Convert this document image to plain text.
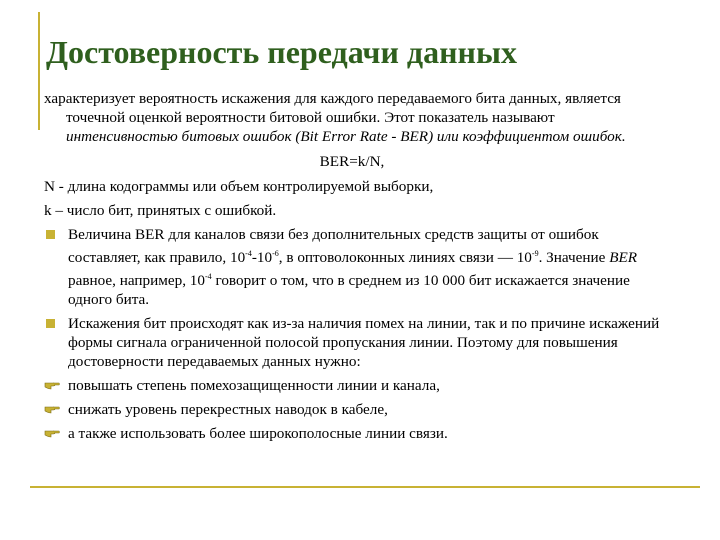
Достоверность передачи данных

характеризует вероятность искажения для каждого передаваемого бита данных, является точечной оценкой вероятности битовой ошибки. Этот показатель называют интенсивностью битовых ошибок (Bit Error Rate - BER) или коэффициентом ошибок.

BER=k/N,

N - длина кодограммы или объем контролируемой выборки,

k – число бит, принятых с ошибкой.

Величина BER для каналов связи без дополнительных средств защиты от ошибок составляет, как правило, $10^{-4}-10^{-6}$, в оптоволоконных линиях связи — $10^{-9}$. Значение BER равное, например, $10^{-4}$ говорит о том, что в среднем из 10 000 бит искажается значение одного бита.
Искажения бит происходят как из-за наличия помех на линии, так и по причине искажений формы сигнала ограниченной полосой пропускания линии. Поэтому для повышения достоверности передаваемых данных нужно:
повышать степень помехозащищенности линии и канала,
снижать уровень перекрестных наводок в кабеле,
а также использовать более широкополосные линии связи.
